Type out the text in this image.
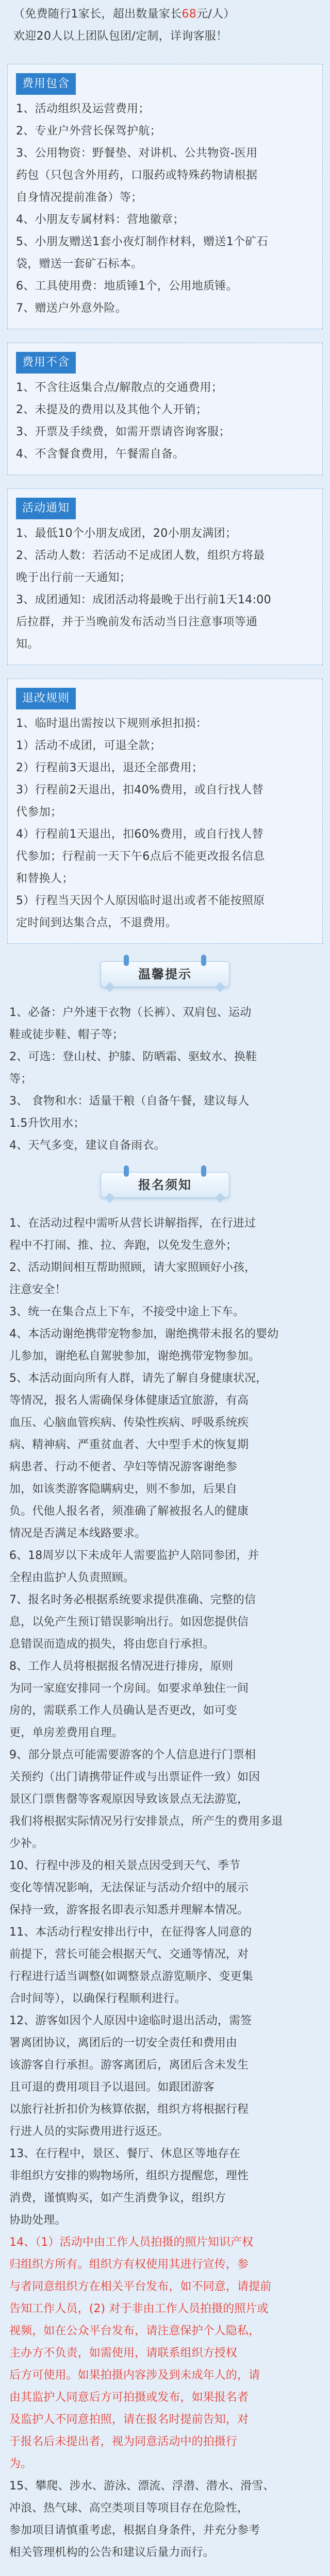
（免费随行1家长，超出数量家长68元/人）
欢迎20人以上团队包团/定制，详询客服！
费用包含
1、活动组织及运营费用；
2、专业户外营长保驾护航；
3、公用物资：野餐垫、对讲机、公共物资-医用
药包（只包含外用药，口服药或特殊药物请根据
自身情况提前准备）等；
4、小朋友专属材料：营地徽章；
5、小朋友赠送1套小夜灯制作材料，赠送1个矿石
袋，赠送一套矿石标本。
6、工具使用费：地质锤1个，公用地质锤。
7、赠送户外意外险。
费用不含
1、不含往返集合点/解散点的交通费用；
2、未提及的费用以及其他个人开销；
3、开票及手续费，如需开票请咨询客服；
4、不含餐食费用，午餐需自备。
活动通知
1、最低10个小朋友成团，20小朋友满团；
2、活动人数：若活动不足成团人数，组织方将最
晚于出行前一天通知；
3、成团通知：成团活动将最晚于出行前1天14:00
后拉群，并于当晚前发布活动当日注意事项等通
知。
退改规则
1、临时退出需按以下规则承担扣损：
1）活动不成团，可退全款；
2）行程前3天退出，退还全部费用；
3）行程前2天退出，扣40%费用，或自行找人替
代参加；
4）行程前1天退出，扣60%费用，或自行找人替
代参加；行程前一天下午6点后不能更改报名信息
和替换人；
5）行程当天因个人原因临时退出或者不能按照原
定时间到达集合点，不退费用。
温馨提示
1、必备：户外速干衣物（长裤）、双肩包、运动
鞋或徒步鞋、帽子等；
2、可选：登山杖、护膝、防晒霜、驱蚊水、换鞋
等；
3、 食物和水：适量干粮（自备午餐，建议每人
1.5升饮用水；
4、天气多变，建议自备雨衣。
报名须知
1、在活动过程中需听从营长讲解指挥，在行进过
程中不打闹、推、拉、奔跑，以免发生意外；
2、活动期间相互帮助照顾，请大家照顾好小孩，
注意安全！
3、统一在集合点上下车，不接受中途上下车。
4、本活动谢绝携带宠物参加，谢绝携带未报名的婴幼
儿参加，谢绝私自駕驶参加，谢绝携带宠物参加。
5、本活动面向所有人群，请先了解自身健康状况，
等情况，报名人需确保身体健康适宜旅游，有高
血压、心脑血管疾病、传染性疾病、呼吸系统疾
病、精神病、严重贫血者、大中型手术的恢复期
病患者、行动不便者、孕妇等情况游客谢绝参
加，如该类游客隐瞒病史，则不参加，后果自
负。代他人报名者，须准确了解被报名人的健康
情况是否满足本线路要求。
6、18周岁以下未成年人需要监护人陪同参团，并
全程由监护人负责照顾。
7、报名时务必根据系统要求提供准确、完整的信
息，以免产生预订错误影响出行。如因您提供信
息错误而造成的损失，将由您自行承担。
8、工作人员将根据报名情况进行排房，原则
为同一家庭安排同一个房间。如要求单独住一间
房的，需联系工作人员确认是否更改，如可变
更，单房差费用自理。
9、部分景点可能需要游客的个人信息进行门票相
关预约（出门请携带证件或与出票证件一致）如因
景区门票售罄等客观原因导致该景点无法游览，
我们将根据实际情况另行安排景点，所产生的费用多退
少补。
10、行程中涉及的相关景点因受到天气、季节
变化等情况影响，无法保证与活动介绍中的展示
保持一致，游客报名即表示知悉并理解本情况。
11、本活动行程安排出行中，在征得客人同意的
前提下，营长可能会根据天气、交通等情况，对
行程进行适当调整(如调整景点游览顺序、变更集
合时间等），以确保行程顺利进行。
12、游客如因个人原因中途临时退出活动，需签
署离团协议，离团后的一切安全责任和费用由
该游客自行承担。游客离团后，离团后含未发生
且可退的费用项目予以退回。如跟团游客
以旅行社折扣价为核算依据，组织方将根据行程
行进人员的实际费用进行返还。
13、在行程中，景区、餐厅、休息区等地存在
非组织方安排的购物场所，组织方提醒您，理性
消费，谨慎购买，如产生消费争议，组织方
协助处理。
14、（1）活动中由工作人员拍摄的照片知识产权
归组织方所有。组织方有权使用其进行宣传，参
与者同意组织方在相关平台发布，如不同意，请提前
告知工作人员，(2) 对于非由工作人员拍摄的照片或
视频，如在公众平台发布，请注意保护个人隐私，
主办方不负责，如需使用，请联系组织方授权
后方可使用。如果拍摄内容涉及到未成年人的，请
由其监护人同意后方可拍摄或发布，如果报名者
及监护人不同意拍照，请在报名时提前告知，对
于报名后未提出者，视为同意活动中的拍摄行
为。
15、攀爬、涉水、游泳、漂流、浮潜、潜水、滑雪、
冲浪、热气球、高空类项目等项目存在危险性，
参加项目请慎重考虑，根据自身条件，并充分参考
相关管理机构的公告和建议后量力而行。
